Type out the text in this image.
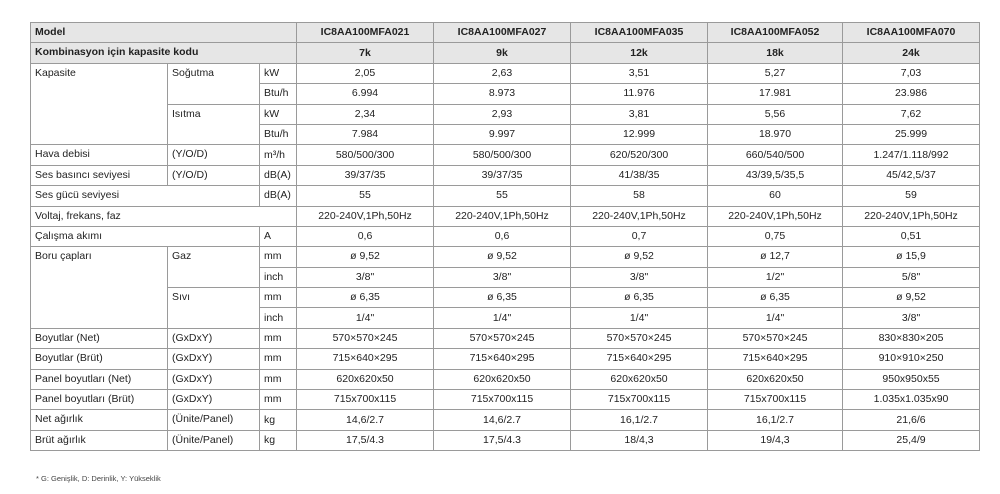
Model			IC8AA100MFA021	IC8AA100MFA027	IC8AA100MFA035	IC8AA100MFA052	IC8AA100MFA070
Kombinasyon için kapasite kodu			7k	9k	12k	18k	24k
Kapasite	Soğutma	kW	2,05	2,63	3,51	5,27	7,03
		Btu/h	6.994	8.973	11.976	17.981	23.986
	Isıtma	kW	2,34	2,93	3,81	5,56	7,62
		Btu/h	7.984	9.997	12.999	18.970	25.999
Hava debisi	(Y/O/D)	m³/h	580/500/300	580/500/300	620/520/300	660/540/500	1.247/1.118/992
Ses basıncı seviyesi	(Y/O/D)	dB(A)	39/37/35	39/37/35	41/38/35	43/39,5/35,5	45/42,5/37
Ses gücü seviyesi		dB(A)	55	55	58	60	59
Voltaj, frekans, faz			220-240V,1Ph,50Hz	220-240V,1Ph,50Hz	220-240V,1Ph,50Hz	220-240V,1Ph,50Hz	220-240V,1Ph,50Hz
Çalışma akımı		A	0,6	0,6	0,7	0,75	0,51
Boru çapları	Gaz	mm	ø 9,52	ø 9,52	ø 9,52	ø 12,7	ø 15,9
		inch	3/8"	3/8"	3/8"	1/2"	5/8"
	Sıvı	mm	ø 6,35	ø 6,35	ø 6,35	ø 6,35	ø 9,52
		inch	1/4"	1/4"	1/4"	1/4"	3/8"
Boyutlar (Net)	(GxDxY)	mm	570×570×245	570×570×245	570×570×245	570×570×245	830×830×205
Boyutlar (Brüt)	(GxDxY)	mm	715×640×295	715×640×295	715×640×295	715×640×295	910×910×250
Panel boyutları (Net)	(GxDxY)	mm	620x620x50	620x620x50	620x620x50	620x620x50	950x950x55
Panel boyutları (Brüt)	(GxDxY)	mm	715x700x115	715x700x115	715x700x115	715x700x115	1.035x1.035x90
Net ağırlık	(Ünite/Panel)	kg	14,6/2.7	14,6/2.7	16,1/2.7	16,1/2.7	21,6/6
Brüt ağırlık	(Ünite/Panel)	kg	17,5/4.3	17,5/4.3	18/4,3	19/4,3	25,4/9
* G: Genişlik, D: Derinlik, Y: Yükseklik
